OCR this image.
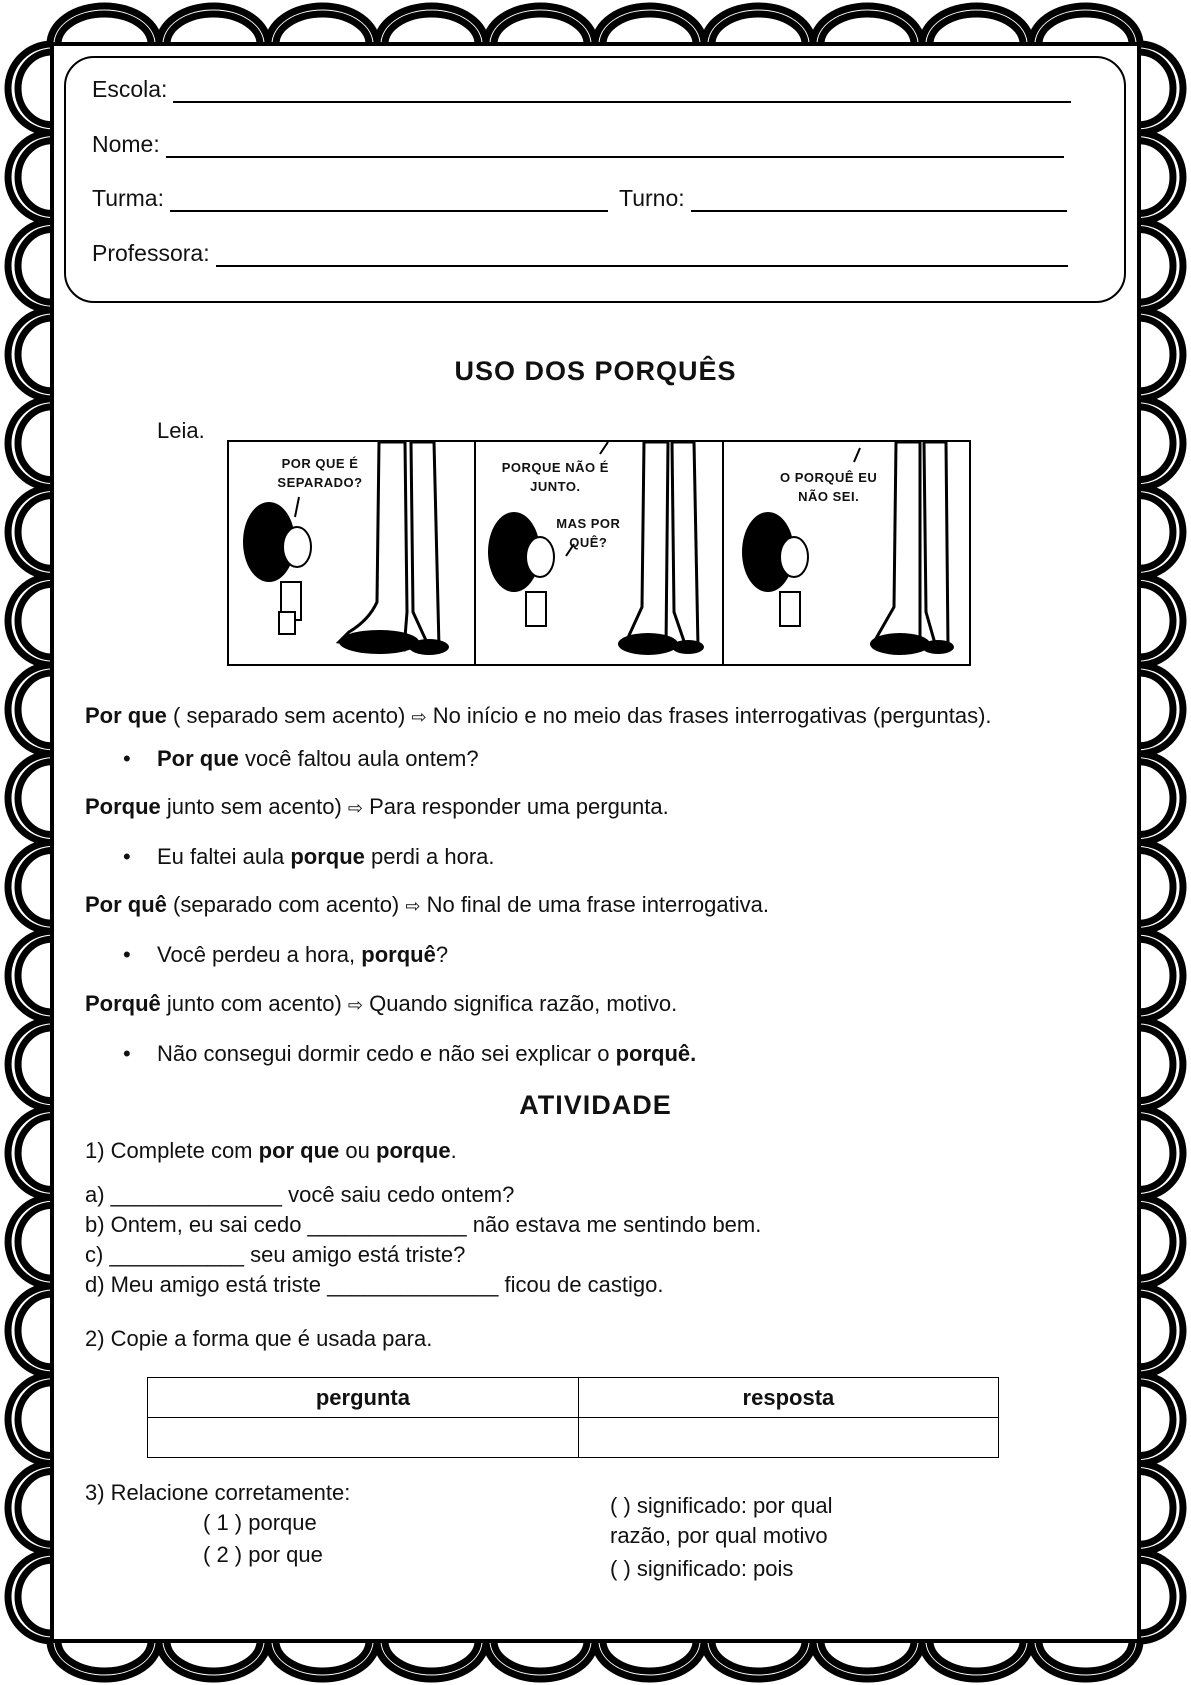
Escola:
Nome:
Turma:	Turno:
Professora:
USO DOS PORQUÊS
Leia.
POR QUE É SEPARADO?
PORQUE NÃO É JUNTO.
MAS POR QUÊ?
O PORQUÊ EU NÃO SEI.
Por que ( separado sem acento) ⇨ No início e no meio das frases interrogativas (perguntas).
• Por que você faltou aula ontem?
Porque junto sem acento) ⇨ Para responder uma pergunta.
• Eu faltei aula porque perdi a hora.
Por quê (separado com acento) ⇨ No final de uma frase interrogativa.
• Você perdeu a hora, porquê?
Porquê junto com acento) ⇨ Quando significa razão, motivo.
• Não consegui dormir cedo e não sei explicar o porquê.
ATIVIDADE
1) Complete com por que ou porque.
a) ______________ você saiu cedo ontem?
b) Ontem, eu sai cedo _____________ não estava me sentindo bem.
c) ___________ seu amigo está triste?
d) Meu amigo está triste ______________ ficou de castigo.
2) Copie a forma que é usada para.
pergunta	resposta

3) Relacione corretamente:
( 1 ) porque
( 2 ) por que
( ) significado: por qual
razão, por qual motivo
( ) significado: pois
